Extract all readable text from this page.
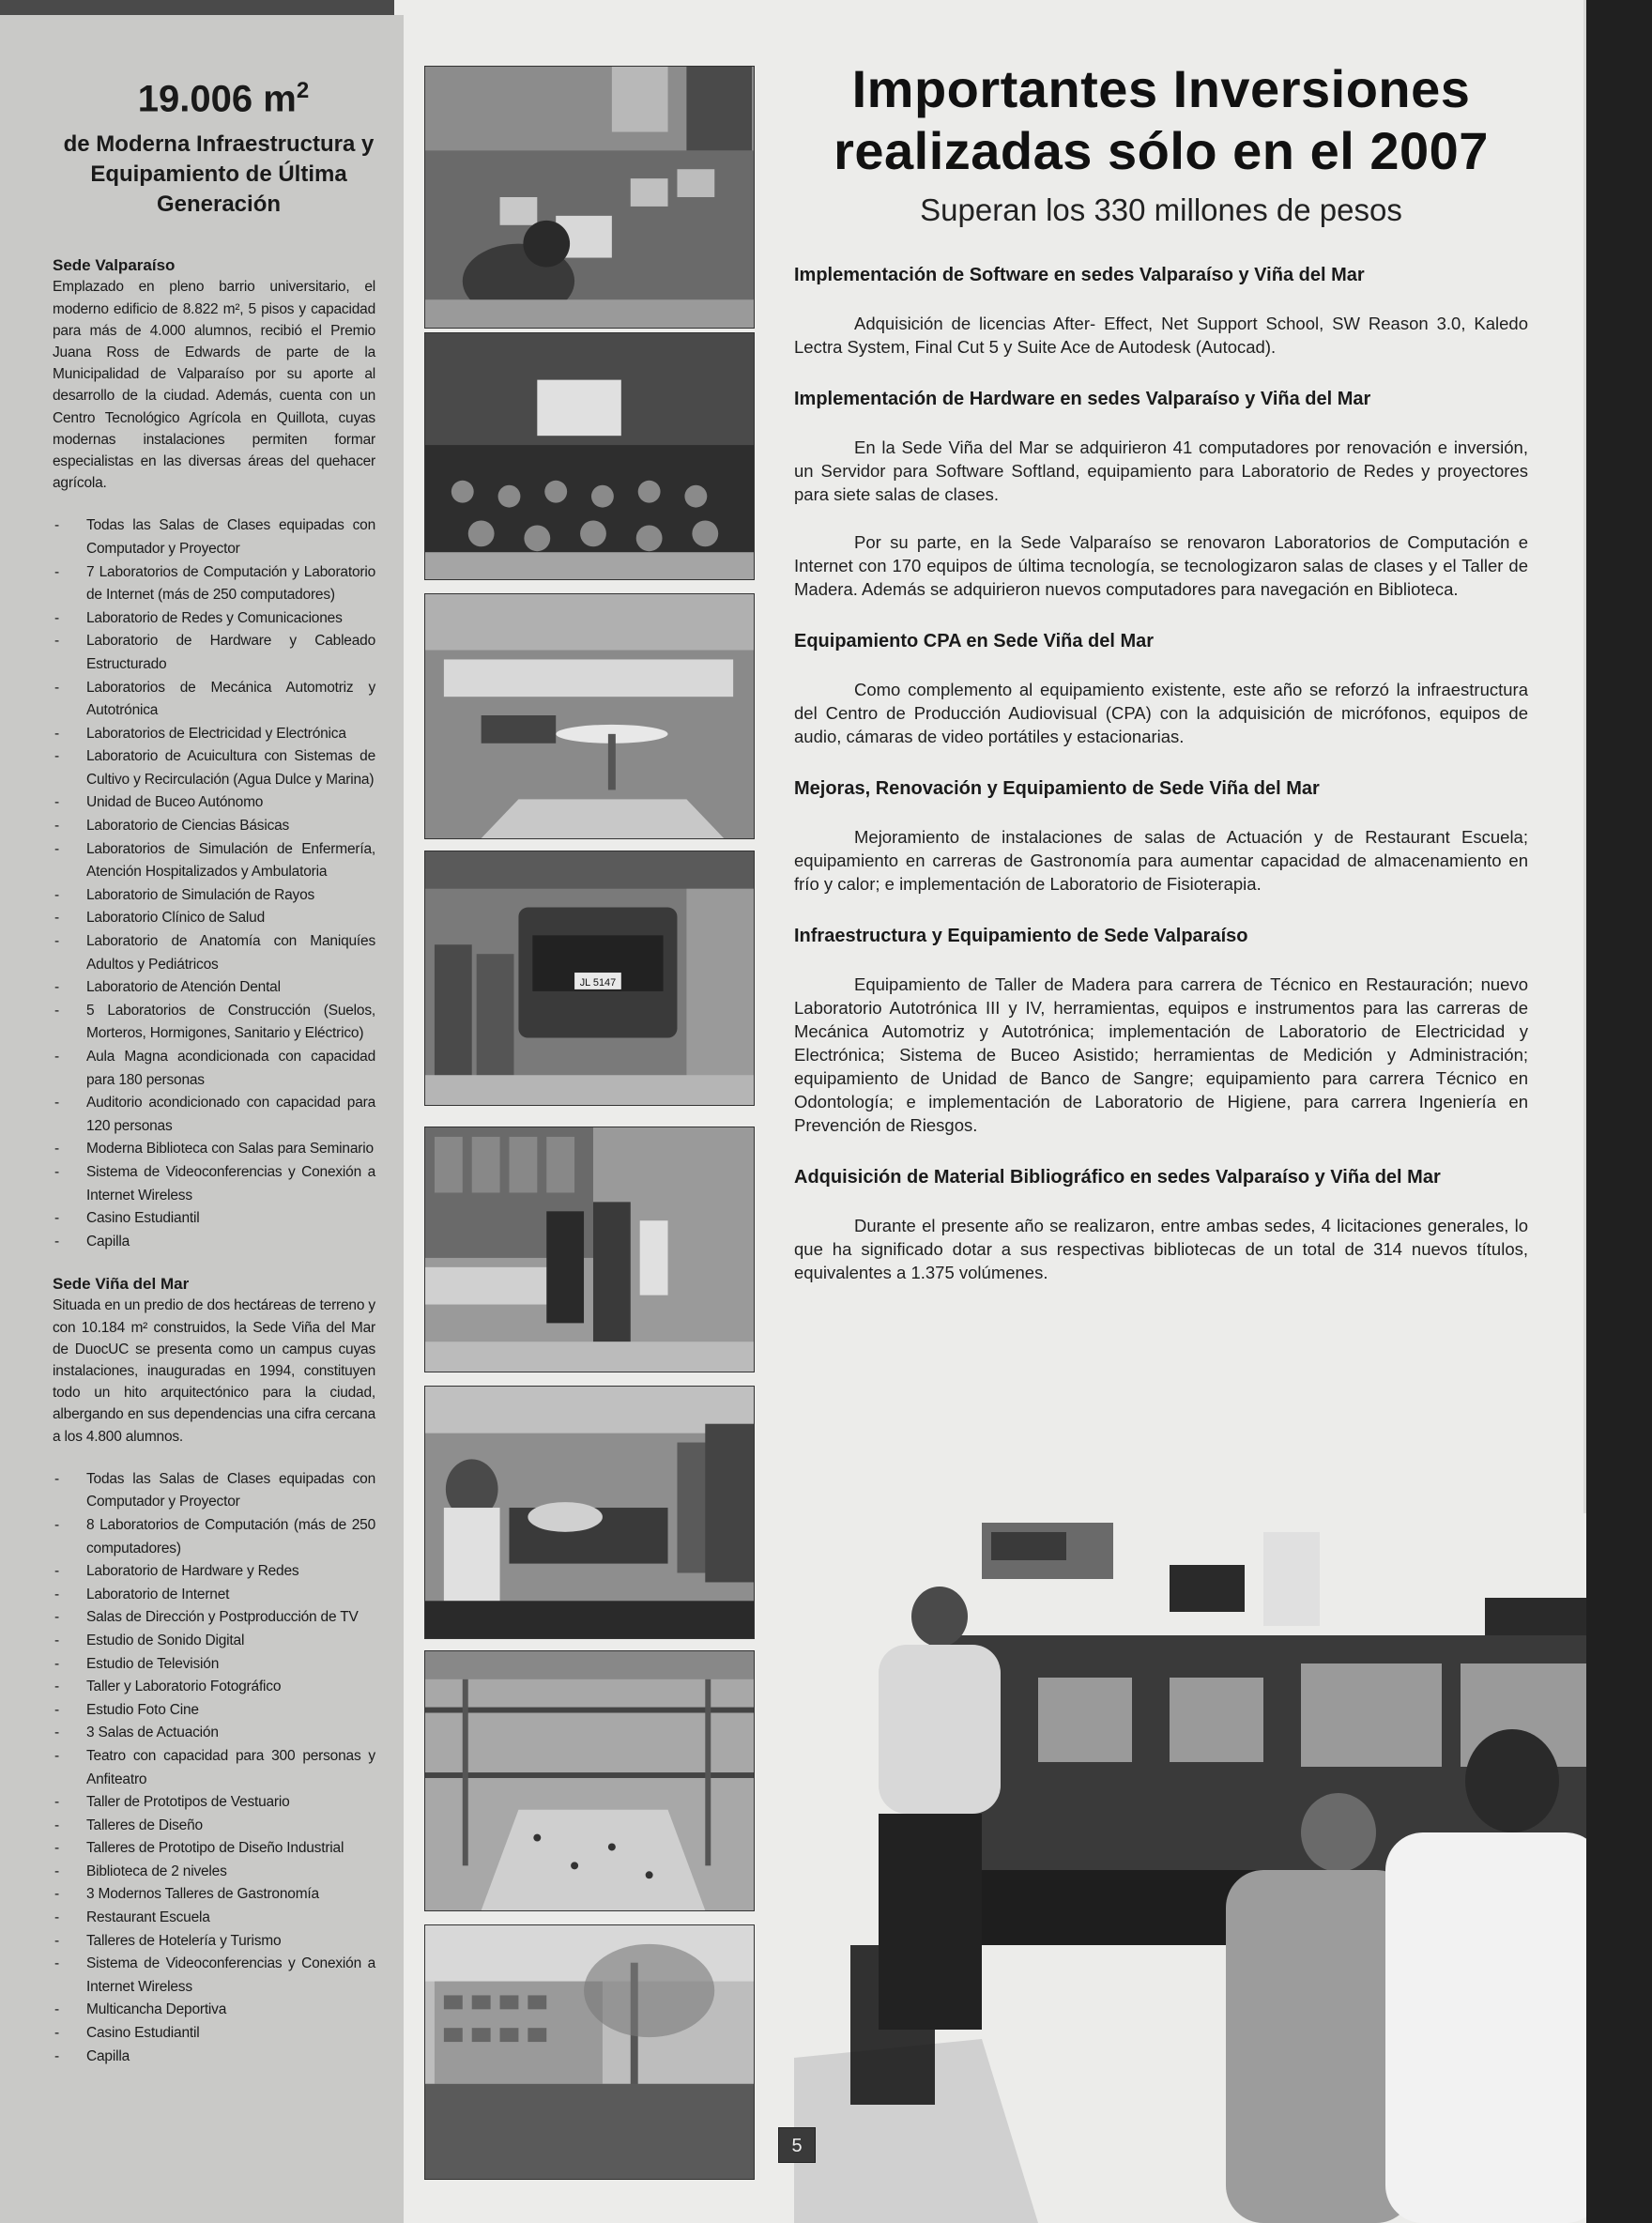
19.006 $m^2$
de Moderna Infraestructura y Equipamiento de Última Generación
Sede Valparaíso
Emplazado en pleno barrio universitario, el moderno edificio de 8.822 m², 5 pisos y capacidad para más de 4.000 alumnos, recibió el Premio Juana Ross de Edwards de parte de la Municipalidad de Valparaíso por su aporte al desarrollo de la ciudad. Además, cuenta con un Centro Tecnológico Agrícola en Quillota, cuyas modernas instalaciones permiten formar especialistas en las diversas áreas del quehacer agrícola.
- Todas las Salas de Clases equipadas con Computador y Proyector
- 7 Laboratorios de Computación y Laboratorio de Internet (más de 250 computadores)
- Laboratorio de Redes y Comunicaciones
- Laboratorio de Hardware y Cableado Estructurado
- Laboratorios de Mecánica Automotriz y Autotrónica
- Laboratorios de Electricidad y Electrónica
- Laboratorio de Acuicultura con Sistemas de Cultivo y Recirculación (Agua Dulce y Marina)
- Unidad de Buceo Autónomo
- Laboratorio de Ciencias Básicas
- Laboratorios de Simulación de Enfermería, Atención Hospitalizados y Ambulatoria
- Laboratorio de Simulación de Rayos
- Laboratorio Clínico de Salud
- Laboratorio de Anatomía con Maniquíes Adultos y Pediátricos
- Laboratorio de Atención Dental
- 5 Laboratorios de Construcción (Suelos, Morteros, Hormigones, Sanitario y Eléctrico)
- Aula Magna acondicionada con capacidad para 180 personas
- Auditorio acondicionado con capacidad para 120 personas
- Moderna Biblioteca con Salas para Seminario
- Sistema de Videoconferencias y Conexión a Internet Wireless
- Casino Estudiantil
- Capilla
Sede Viña del Mar
Situada en un predio de dos hectáreas de terreno y con 10.184 m² construidos, la Sede Viña del Mar de DuocUC se presenta como un campus cuyas instalaciones, inauguradas en 1994, constituyen todo un hito arquitectónico para la ciudad, albergando en sus dependencias una cifra cercana a los 4.800 alumnos.
- Todas las Salas de Clases equipadas con Computador y Proyector
- 8 Laboratorios de Computación (más de 250 computadores)
- Laboratorio de Hardware y Redes
- Laboratorio de Internet
- Salas de Dirección y Postproducción de TV
- Estudio de Sonido Digital
- Estudio de Televisión
- Taller y Laboratorio Fotográfico
- Estudio Foto Cine
- 3 Salas de Actuación
- Teatro con capacidad para 300 personas y Anfiteatro
- Taller de Prototipos de Vestuario
- Talleres de Diseño
- Talleres de Prototipo de Diseño Industrial
- Biblioteca de 2 niveles
- 3 Modernos Talleres de Gastronomía
- Restaurant Escuela
- Talleres de Hotelería y Turismo
- Sistema de Videoconferencias y Conexión a Internet Wireless
- Multicancha Deportiva
- Casino Estudiantil
- Capilla
JL 5147
Importantes Inversiones
realizadas sólo en el 2007
Superan los 330 millones de pesos
Implementación de Software en sedes Valparaíso y Viña del Mar
Adquisición de licencias After- Effect, Net Support School, SW Reason 3.0, Kaledo Lectra System, Final Cut 5 y Suite Ace de Autodesk (Autocad).
Implementación de Hardware en sedes Valparaíso y Viña del Mar
En la Sede Viña del Mar se adquirieron 41 computadores por renovación e inversión, un Servidor para Software Softland, equipamiento para Laboratorio de Redes y proyectores para siete salas de clases.
Por su parte, en la Sede Valparaíso se renovaron Laboratorios de Computación e Internet con 170 equipos de última tecnología, se tecnologizaron salas de clases y el Taller de Madera. Además se adquirieron nuevos computadores para navegación en Biblioteca.
Equipamiento CPA en Sede Viña del Mar
Como complemento al equipamiento existente, este año se reforzó la infraestructura del Centro de Producción Audiovisual (CPA) con la adquisición de micrófonos, equipos de audio, cámaras de video portátiles y estacionarias.
Mejoras, Renovación y Equipamiento de Sede Viña del Mar
Mejoramiento de instalaciones de salas de Actuación y de Restaurant Escuela; equipamiento en carreras de Gastronomía para aumentar capacidad de almacenamiento en frío y calor; e implementación de Laboratorio de Fisioterapia.
Infraestructura y Equipamiento de Sede Valparaíso
Equipamiento de Taller de Madera para carrera de Técnico en Restauración; nuevo Laboratorio Autotrónica III y IV, herramientas, equipos e instrumentos para las carreras de Mecánica Automotriz y Autotrónica; implementación de Laboratorio de Electricidad y Electrónica; Sistema de Buceo Asistido; herramientas de Medición y Administración; equipamiento de Unidad de Banco de Sangre; equipamiento para carrera Técnico en Odontología; e implementación de Laboratorio de Higiene, para carrera Ingeniería en Prevención de Riesgos.
Adquisición de Material Bibliográfico en sedes Valparaíso y Viña del Mar
Durante el presente año se realizaron, entre ambas sedes, 4 licitaciones generales, lo que ha significado dotar a sus respectivas bibliotecas de un total de 314 nuevos títulos, equivalentes a 1.375 volúmenes.
5
